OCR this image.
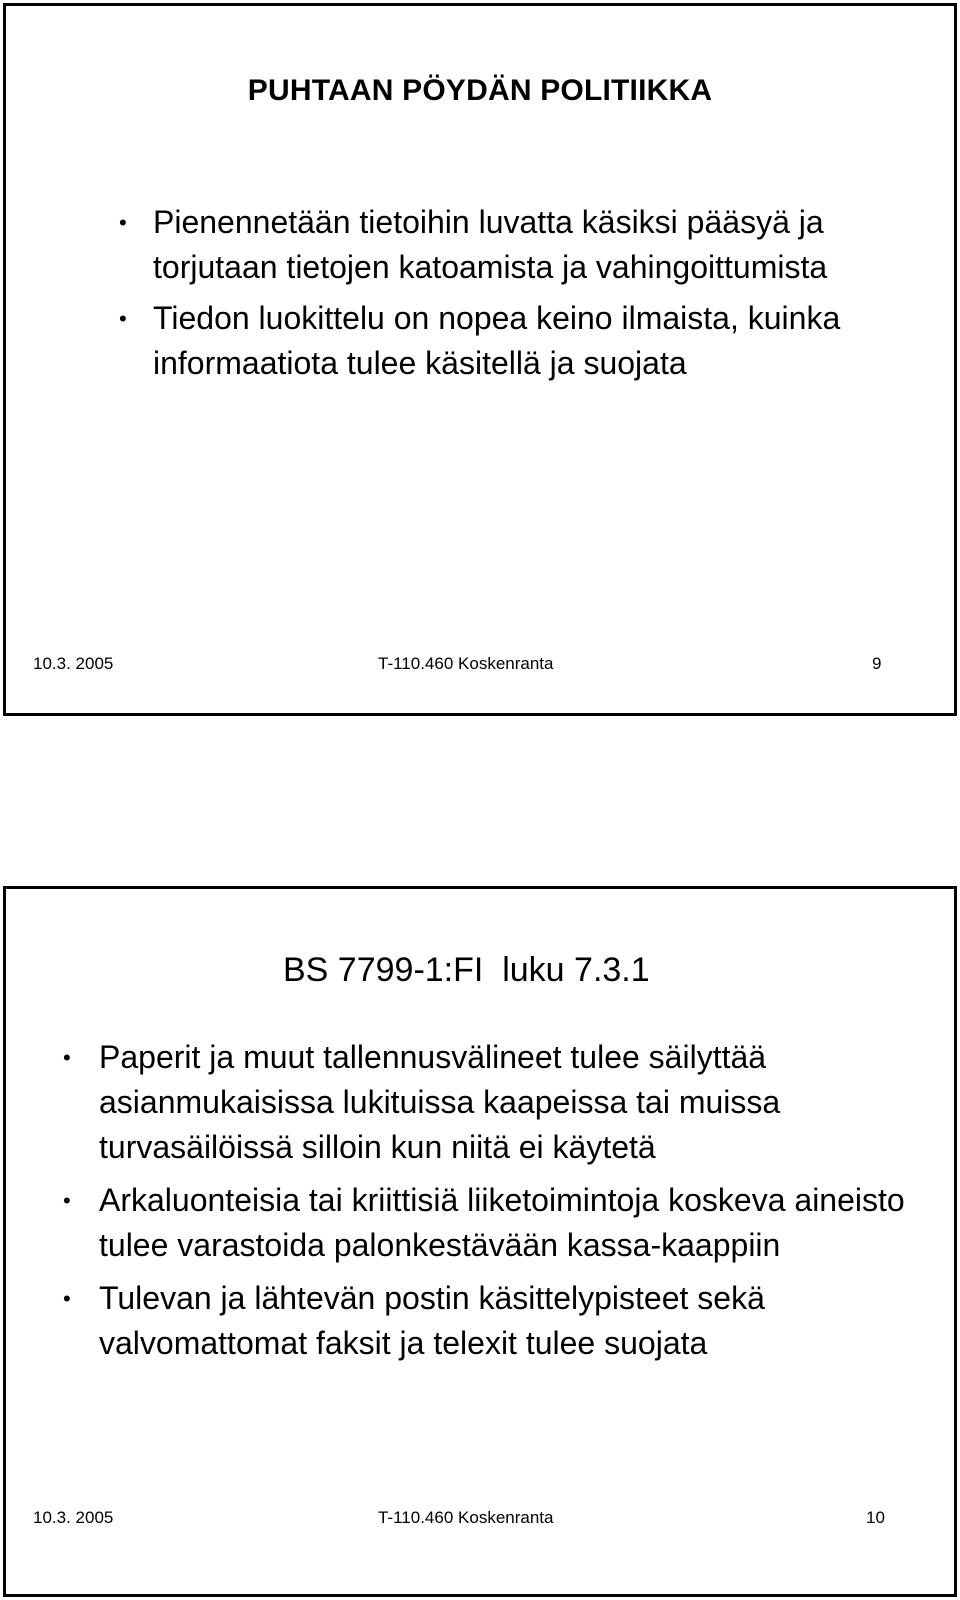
PUHTAAN PÖYDÄN POLITIIKKA
• Pienennetään tietoihin luvatta käsiksi pääsyä ja torjutaan tietojen katoamista ja vahingoittumista
• Tiedon luokittelu on nopea keino ilmaista, kuinka informaatiota tulee käsitellä ja suojata
10.3. 2005	T-110.460 Koskenranta	9
BS 7799-1:FI  luku 7.3.1
• Paperit ja muut tallennusvälineet tulee säilyttää asianmukaisissa lukituissa kaapeissa tai muissa turvasäilöissä silloin kun niitä ei käytetä
• Arkaluonteisia tai kriittisiä liiketoimintoja koskeva aineisto tulee varastoida palonkestävään kassa-kaappiin
• Tulevan ja lähtevän postin käsittelypisteet sekä valvomattomat faksit ja telexit tulee suojata
10.3. 2005	T-110.460 Koskenranta	10
